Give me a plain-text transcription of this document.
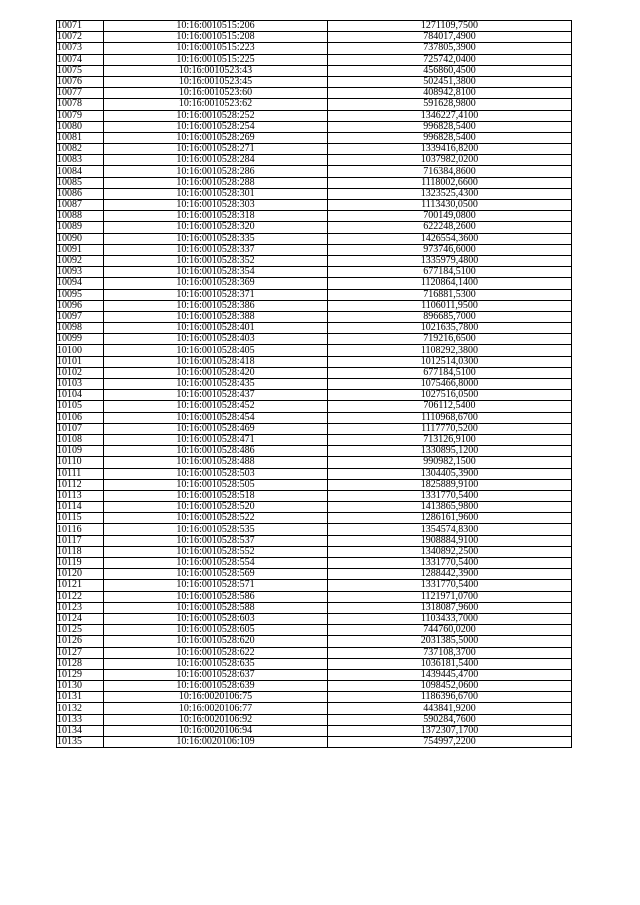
10071	10:16:0010515:206	1271109,7500
10072	10:16:0010515:208	784017,4900
10073	10:16:0010515:223	737805,3900
10074	10:16:0010515:225	725742,0400
10075	10:16:0010523:43	456860,4500
10076	10:16:0010523:45	502451,3800
10077	10:16:0010523:60	408942,8100
10078	10:16:0010523:62	591628,9800
10079	10:16:0010528:252	1346227,4100
10080	10:16:0010528:254	996828,5400
10081	10:16:0010528:269	996828,5400
10082	10:16:0010528:271	1339416,8200
10083	10:16:0010528:284	1037982,0200
10084	10:16:0010528:286	716384,8600
10085	10:16:0010528:288	1118002,6600
10086	10:16:0010528:301	1323525,4300
10087	10:16:0010528:303	1113430,0500
10088	10:16:0010528:318	700149,0800
10089	10:16:0010528:320	622248,2600
10090	10:16:0010528:335	1426554,3600
10091	10:16:0010528:337	973746,6000
10092	10:16:0010528:352	1335979,4800
10093	10:16:0010528:354	677184,5100
10094	10:16:0010528:369	1120864,1400
10095	10:16:0010528:371	716881,5300
10096	10:16:0010528:386	1106011,9500
10097	10:16:0010528:388	896685,7000
10098	10:16:0010528:401	1021635,7800
10099	10:16:0010528:403	719216,6500
10100	10:16:0010528:405	1108292,3800
10101	10:16:0010528:418	1012514,0300
10102	10:16:0010528:420	677184,5100
10103	10:16:0010528:435	1075466,8000
10104	10:16:0010528:437	1027516,0500
10105	10:16:0010528:452	706112,5400
10106	10:16:0010528:454	1110968,6700
10107	10:16:0010528:469	1117770,5200
10108	10:16:0010528:471	713126,9100
10109	10:16:0010528:486	1330895,1200
10110	10:16:0010528:488	990982,1500
10111	10:16:0010528:503	1304405,3900
10112	10:16:0010528:505	1825889,9100
10113	10:16:0010528:518	1331770,5400
10114	10:16:0010528:520	1413865,9800
10115	10:16:0010528:522	1286161,9600
10116	10:16:0010528:535	1354574,8300
10117	10:16:0010528:537	1908884,9100
10118	10:16:0010528:552	1340892,2500
10119	10:16:0010528:554	1331770,5400
10120	10:16:0010528:569	1288442,3900
10121	10:16:0010528:571	1331770,5400
10122	10:16:0010528:586	1121971,0700
10123	10:16:0010528:588	1318087,9600
10124	10:16:0010528:603	1103433,7000
10125	10:16:0010528:605	744760,0200
10126	10:16:0010528:620	2031385,5000
10127	10:16:0010528:622	737108,3700
10128	10:16:0010528:635	1036181,5400
10129	10:16:0010528:637	1439445,4700
10130	10:16:0010528:639	1098452,0600
10131	10:16:0020106:75	1186396,6700
10132	10:16:0020106:77	443841,9200
10133	10:16:0020106:92	590284,7600
10134	10:16:0020106:94	1372307,1700
10135	10:16:0020106:109	754997,2200
